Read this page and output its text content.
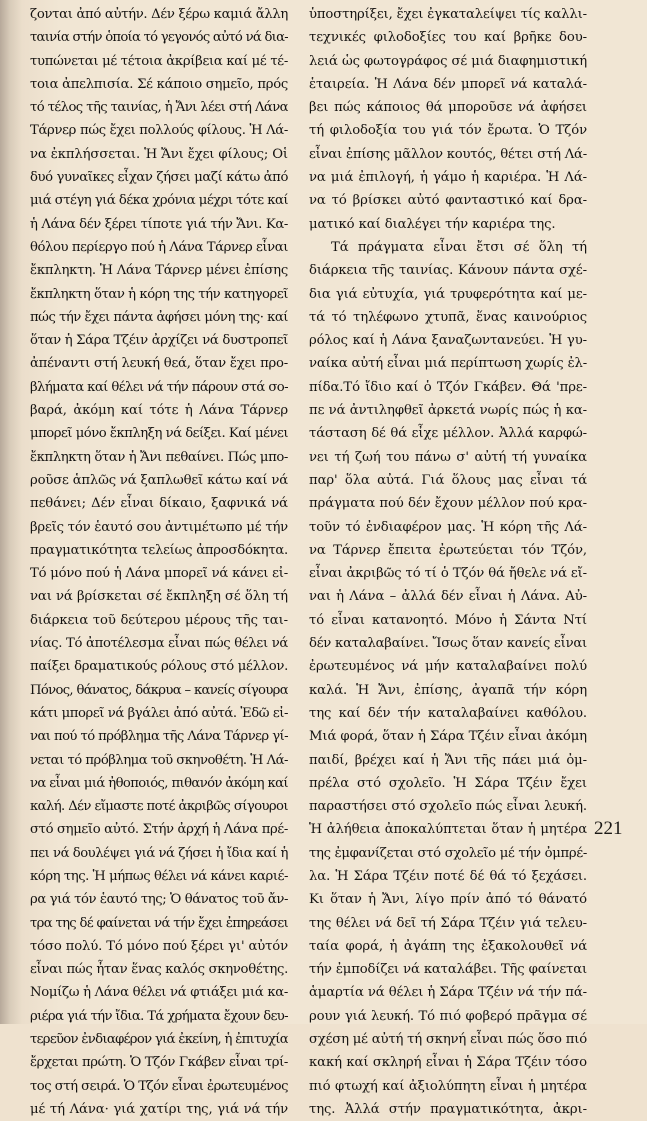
ζονται ἀπό αὐτήν. Δέν ξέρω καμιά ἄλλη
ταινία στήν ὁποία τό γεγονός αὐτό νά δια-
τυπώνεται μέ τέτοια ἀκρίβεια καί μέ τέ-
τοια ἀπελπισία. Σέ κάποιο σημεῖο, πρός
τό τέλος τῆς ταινίας, ἡ Ἄνι λέει στή Λάνα
Τάρνερ πώς ἔχει πολλούς φίλους. Ἡ Λά-
να ἐκπλήσσεται. Ἡ Ἄνι ἔχει φίλους; Οἱ
δυό γυναῖκες εἶχαν ζήσει μαζί κάτω ἀπό
μιά στέγη γιά δέκα χρόνια μέχρι τότε καί
ἡ Λάνα δέν ξέρει τίποτε γιά τήν Ἄνι. Κα-
θόλου περίεργο πού ἡ Λάνα Τάρνερ εἶναι
ἔκπληκτη. Ἡ Λάνα Τάρνερ μένει ἐπίσης
ἔκπληκτη ὅταν ἡ κόρη της τήν κατηγορεῖ
πώς τήν ἔχει πάντα ἀφήσει μόνη της· καί
ὅταν ἡ Σάρα Τζέιν ἀρχίζει νά δυστροπεῖ
ἀπέναντι στή λευκή θεά, ὅταν ἔχει προ-
βλήματα καί θέλει νά τήν πάρουν στά σο-
βαρά, ἀκόμη καί τότε ἡ Λάνα Τάρνερ
μπορεῖ μόνο ἔκπληξη νά δείξει. Καί μένει
ἔκπληκτη ὅταν ἡ Ἄνι πεθαίνει. Πώς μπο-
ροῦσε ἁπλῶς νά ξαπλωθεῖ κάτω καί νά
πεθάνει; Δέν εἶναι δίκαιο, ξαφνικά νά
βρεῖς τόν ἑαυτό σου ἀντιμέτωπο μέ τήν
πραγματικότητα τελείως ἀπροσδόκητα.
Τό μόνο πού ἡ Λάνα μπορεῖ νά κάνει εἰ-
ναι νά βρίσκεται σέ ἔκπληξη σέ ὅλη τή
διάρκεια τοῦ δεύτερου μέρους τῆς ται-
νίας. Τό ἀποτέλεσμα εἶναι πώς θέλει νά
παίξει δραματικούς ρόλους στό μέλλον.
Πόνος, θάνατος, δάκρυα – κανείς σίγουρα
κάτι μπορεῖ νά βγάλει ἀπό αὐτά. Ἐδῶ εἰ-
ναι πού τό πρόβλημα τῆς Λάνα Τάρνερ γί-
νεται τό πρόβλημα τοῦ σκηνοθέτη. Ἡ Λά-
να εἶναι μιά ἠθοποιός, πιθανόν ἀκόμη καί
καλή. Δέν εἴμαστε ποτέ ἀκριβῶς σίγουροι
στό σημεῖο αὐτό. Στήν ἀρχή ἡ Λάνα πρέ-
πει νά δουλέψει γιά νά ζήσει ἡ ἴδια καί ἡ
κόρη της. Ἡ μήπως θέλει νά κάνει καριέ-
ρα γιά τόν ἑαυτό της; Ὁ θάνατος τοῦ ἄν-
τρα της δέ φαίνεται νά τήν ἔχει ἐπηρεάσει
τόσο πολύ. Τό μόνο πού ξέρει γι' αὐτόν
εἶναι πώς ἦταν ἕνας καλός σκηνοθέτης.
Νομίζω ἡ Λάνα θέλει νά φτιάξει μιά κα-
ριέρα γιά τήν ἴδια. Τά χρήματα ἔχουν δευ-
τερεῦον ἐνδιαφέρον γιά ἐκείνη, ἡ ἐπιτυχία
ἔρχεται πρώτη. Ὁ Τζόν Γκάβεν εἶναι τρί-
τος στή σειρά. Ὁ Τζόν εἶναι ἐρωτευμένος
μέ τή Λάνα· γιά χατίρι της, γιά νά τήν
ὑποστηρίξει, ἔχει ἐγκαταλείψει τίς καλλι-
τεχνικές φιλοδοξίες του καί βρῆκε δου-
λειά ὡς φωτογράφος σέ μιά διαφημιστική
ἑταιρεία. Ἡ Λάνα δέν μπορεῖ νά καταλά-
βει πώς κάποιος θά μποροῦσε νά ἀφήσει
τή φιλοδοξία του γιά τόν ἔρωτα. Ὁ Τζόν
εἶναι ἐπίσης μᾶλλον κουτός, θέτει στή Λά-
να μιά ἐπιλογή, ἡ γάμο ἡ καριέρα. Ἡ Λά-
να τό βρίσκει αὐτό φανταστικό καί δρα-
ματικό καί διαλέγει τήν καριέρα της.
Τά πράγματα εἶναι ἔτσι σέ ὅλη τή
διάρκεια τῆς ταινίας. Κάνουν πάντα σχέ-
δια γιά εὐτυχία, γιά τρυφερότητα καί με-
τά τό τηλέφωνο χτυπᾶ, ἕνας καινούριος
ρόλος καί ἡ Λάνα ξαναζωντανεύει. Ἡ γυ-
ναίκα αὐτή εἶναι μιά περίπτωση χωρίς ἐλ-
πίδα.Τό ἴδιο καί ὁ Τζόν Γκάβεν. Θά 'πρε-
πε νά ἀντιληφθεῖ ἀρκετά νωρίς πώς ἡ κα-
τάσταση δέ θά εἶχε μέλλον. Ἀλλά καρφώ-
νει τή ζωή του πάνω σ' αὐτή τή γυναίκα
παρ' ὅλα αὐτά. Γιά ὅλους μας εἶναι τά
πράγματα πού δέν ἔχουν μέλλον πού κρα-
τοῦν τό ἐνδιαφέρον μας. Ἡ κόρη τῆς Λά-
να Τάρνερ ἔπειτα ἐρωτεύεται τόν Τζόν,
εἶναι ἀκριβῶς τό τί ὁ Τζόν θά ἤθελε νά εἴ-
ναι ἡ Λάνα – ἀλλά δέν εἶναι ἡ Λάνα. Αὐ-
τό εἶναι κατανοητό. Μόνο ἡ Σάντα Ντί
δέν καταλαβαίνει. Ἴσως ὅταν κανείς εἶναι
ἐρωτευμένος νά μήν καταλαβαίνει πολύ
καλά. Ἡ Ἄνι, ἐπίσης, ἀγαπᾶ τήν κόρη
της καί δέν τήν καταλαβαίνει καθόλου.
Μιά φορά, ὅταν ἡ Σάρα Τζέιν εἶναι ἀκόμη
παιδί, βρέχει καί ἡ Ἄνι τῆς πάει μιά ὀμ-
πρέλα στό σχολεῖο. Ἡ Σάρα Τζέιν ἔχει
παραστήσει στό σχολεῖο πώς εἶναι λευκή.
Ἡ ἀλήθεια ἀποκαλύπτεται ὅταν ἡ μητέρα
της ἐμφανίζεται στό σχολεῖο μέ τήν ὀμπρέ-
λα. Ἡ Σάρα Τζέιν ποτέ δέ θά τό ξεχάσει.
Κι ὅταν ἡ Ἄνι, λίγο πρίν ἀπό τό θάνατό
της θέλει νά δεῖ τή Σάρα Τζέιν γιά τελευ-
ταία φορά, ἡ ἀγάπη της ἐξακολουθεῖ νά
τήν ἐμποδίζει νά καταλάβει. Τῆς φαίνεται
ἁμαρτία νά θέλει ἡ Σάρα Τζέιν νά τήν πά-
ρουν γιά λευκή. Τό πιό φοβερό πρᾶγμα σέ
σχέση μέ αὐτή τή σκηνή εἶναι πώς ὅσο πιό
κακή καί σκληρή εἶναι ἡ Σάρα Τζέιν τόσο
πιό φτωχή καί ἀξιολύπητη εἶναι ἡ μητέρα
της. Ἀλλά στήν πραγματικότητα, ἀκρι-
221
